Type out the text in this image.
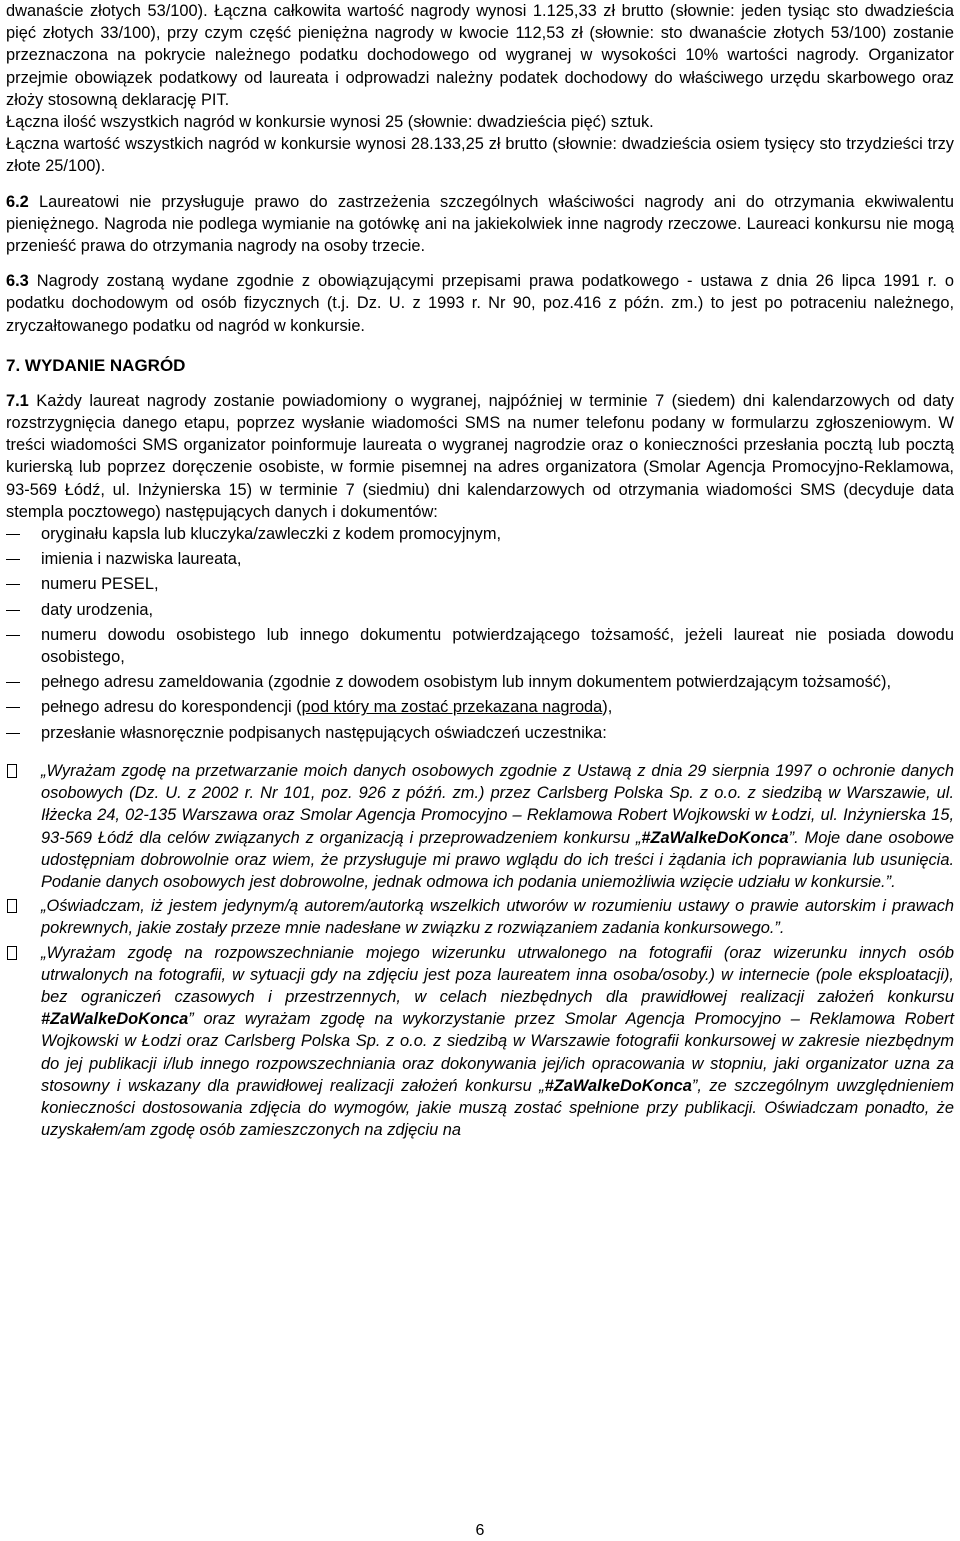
dwanaście złotych 53/100). Łączna całkowita wartość nagrody wynosi 1.125,33 zł brutto (słownie: jeden tysiąc sto dwadzieścia pięć złotych 33/100), przy czym część pieniężna nagrody w kwocie 112,53 zł (słownie: sto dwanaście złotych 53/100) zostanie przeznaczona na pokrycie należnego podatku dochodowego od wygranej w wysokości 10% wartości nagrody. Organizator przejmie obowiązek podatkowy od laureata i odprowadzi należny podatek dochodowy do właściwego urzędu skarbowego oraz złoży stosowną deklarację PIT.

Łączna ilość wszystkich nagród w konkursie wynosi 25 (słownie: dwadzieścia pięć) sztuk.

Łączna wartość wszystkich nagród w konkursie wynosi 28.133,25 zł brutto (słownie: dwadzieścia osiem tysięcy sto trzydzieści trzy złote 25/100).

6.2 Laureatowi nie przysługuje prawo do zastrzeżenia szczególnych właściwości nagrody ani do otrzymania ekwiwalentu pieniężnego. Nagroda nie podlega wymianie na gotówkę ani na jakiekolwiek inne nagrody rzeczowe. Laureaci konkursu nie mogą przenieść prawa do otrzymania nagrody na osoby trzecie.

6.3 Nagrody zostaną wydane zgodnie z obowiązującymi przepisami prawa podatkowego - ustawa z dnia 26 lipca 1991 r. o podatku dochodowym od osób fizycznych (t.j. Dz. U. z 1993 r. Nr 90, poz.416 z późn. zm.) to jest po potraceniu należnego, zryczałtowanego podatku od nagród w konkursie.

7. WYDANIE NAGRÓD

7.1 Każdy laureat nagrody zostanie powiadomiony o wygranej, najpóźniej w terminie 7 (siedem) dni kalendarzowych od daty rozstrzygnięcia danego etapu, poprzez wysłanie wiadomości SMS na numer telefonu podany w formularzu zgłoszeniowym. W treści wiadomości SMS organizator poinformuje laureata o wygranej nagrodzie oraz o konieczności przesłania pocztą lub pocztą kurierską lub poprzez doręczenie osobiste, w formie pisemnej na adres organizatora (Smolar Agencja Promocyjno-Reklamowa, 93-569 Łódź, ul. Inżynierska 15) w terminie 7 (siedmiu) dni kalendarzowych od otrzymania wiadomości SMS (decyduje data stempla pocztowego) następujących danych i dokumentów:

oryginału kapsla lub kluczyka/zawleczki z kodem promocyjnym,
imienia i nazwiska laureata,
numeru PESEL,
daty urodzenia,
numeru dowodu osobistego lub innego dokumentu potwierdzającego tożsamość, jeżeli laureat nie posiada dowodu osobistego,
pełnego adresu zameldowania (zgodnie z dowodem osobistym lub innym dokumentem potwierdzającym tożsamość),
pełnego adresu do korespondencji (pod który ma zostać przekazana nagroda),
przesłanie własnoręcznie podpisanych następujących oświadczeń uczestnika:
„Wyrażam zgodę na przetwarzanie moich danych osobowych zgodnie z Ustawą z dnia 29 sierpnia 1997 o ochronie danych osobowych (Dz. U. z 2002 r. Nr 101, poz. 926 z późń. zm.) przez Carlsberg Polska Sp. z o.o. z siedzibą w Warszawie, ul. Iłżecka 24, 02-135 Warszawa oraz Smolar Agencja Promocyjno – Reklamowa Robert Wojkowski w Łodzi, ul. Inżynierska 15, 93-569 Łódź dla celów związanych z organizacją i przeprowadzeniem konkursu „#ZaWalkeDoKonca”. Moje dane osobowe udostępniam dobrowolnie oraz wiem, że przysługuje mi prawo wglądu do ich treści i żądania ich poprawiania lub usunięcia. Podanie danych osobowych jest dobrowolne, jednak odmowa ich podania uniemożliwia wzięcie udziału w konkursie.”.
„Oświadczam, iż jestem jedynym/ą autorem/autorką wszelkich utworów w rozumieniu ustawy o prawie autorskim i prawach pokrewnych, jakie zostały przeze mnie nadesłane w związku z rozwiązaniem zadania konkursowego.”.
„Wyrażam zgodę na rozpowszechnianie mojego wizerunku utrwalonego na fotografii (oraz wizerunku innych osób utrwalonych na fotografii, w sytuacji gdy na zdjęciu jest poza laureatem inna osoba/osoby.) w internecie (pole eksploatacji), bez ograniczeń czasowych i przestrzennych, w celach niezbędnych dla prawidłowej realizacji założeń konkursu #ZaWalkeDoKonca” oraz wyrażam zgodę na wykorzystanie przez Smolar Agencja Promocyjno – Reklamowa Robert Wojkowski w Łodzi oraz Carlsberg Polska Sp. z o.o. z siedzibą w Warszawie fotografii konkursowej w zakresie niezbędnym do jej publikacji i/lub innego rozpowszechniania oraz dokonywania jej/ich opracowania w stopniu, jaki organizator uzna za stosowny i wskazany dla prawidłowej realizacji założeń konkursu „#ZaWalkeDoKonca”, ze szczególnym uwzględnieniem konieczności dostosowania zdjęcia do wymogów, jakie muszą zostać spełnione przy publikacji. Oświadczam ponadto, że uzyskałem/am zgodę osób zamieszczonych na zdjęciu na
6
